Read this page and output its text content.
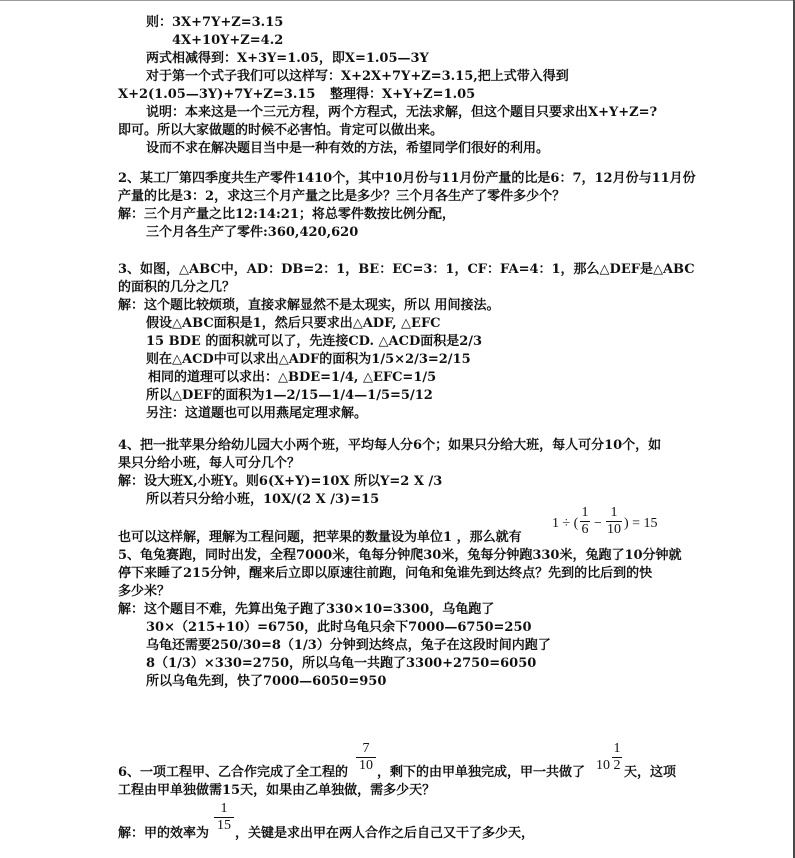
则：3X+7Y+Z=3.15
4X+10Y+Z=4.2
两式相减得到：X+3Y=1.05，即X=1.05—3Y
对于第一个式子我们可以这样写：X+2X+7Y+Z=3.15,把上式带入得到
X+2(1.05—3Y)+7Y+Z=3.15 整理得：X+Y+Z=1.05
说明：本来这是一个三元方程，两个方程式，无法求解，但这个题目只要求出X+Y+Z=?
即可。所以大家做题的时候不必害怕。肯定可以做出来。
设而不求在解决题目当中是一种有效的方法，希望同学们很好的利用。
2、某工厂第四季度共生产零件1410个，其中10月份与11月份产量的比是6：7，12月份与11月份
产量的比是3：2，求这三个月产量之比是多少？三个月各生产了零件多少个？
解：三个月产量之比12:14:21；将总零件数按比例分配，
三个月各生产了零件:360,420,620
3、如图，△ABC中，AD：DB=2：1，BE：EC=3：1，CF：FA=4：1，那么△DEF是△ABC
的面积的几分之几？
解：这个题比较烦琐，直接求解显然不是太现实，所以 用间接法。
假设△ABC面积是1，然后只要求出△ADF, △EFC
15 BDE 的面积就可以了，先连接CD. △ACD面积是2/3
则在△ACD中可以求出△ADF的面积为1/5×2/3=2/15
相同的道理可以求出：△BDE=1/4, △EFC=1/5
所以△DEF的面积为1—2/15—1/4—1/5=5/12
另注：这道题也可以用燕尾定理求解。
4、把一批苹果分给幼儿园大小两个班，平均每人分6个；如果只分给大班，每人可分10个，如
果只分给小班，每人可分几个？
解：设大班X,小班Y。则6(X+Y)=10X 所以Y=2 X /3
所以若只分给小班，10X/(2 X /3)=15
1 ÷ (
1
6 −
1
10 ) = 15
也可以这样解，理解为工程问题，把苹果的数量设为单位1 ，那么就有
5、龟兔赛跑，同时出发，全程7000米，龟每分钟爬30米，兔每分钟跑330米，兔跑了10分钟就
停下来睡了215分钟，醒来后立即以原速往前跑，问龟和兔谁先到达终点？先到的比后到的快
多少米？
解：这个题目不难，先算出兔子跑了330×10=3300，乌龟跑了
30×（215+10）=6750，此时乌龟只余下7000—6750=250
乌龟还需要250/30=8（1/3）分钟到达终点，兔子在这段时间内跑了
8（1/3）×330=2750，所以乌龟一共跑了3300+2750=6050
所以乌龟先到，快了7000—6050=950
7
10	10
1
2
6、一项工程甲、乙合作完成了全工程的 ，剩下的由甲单独完成，甲一共做了	天，这项
工程由甲单独做需15天，如果由乙单独做，需多少天？
1
15
解：甲的效率为 ，关键是求出甲在两人合作之后自己又干了多少天，
